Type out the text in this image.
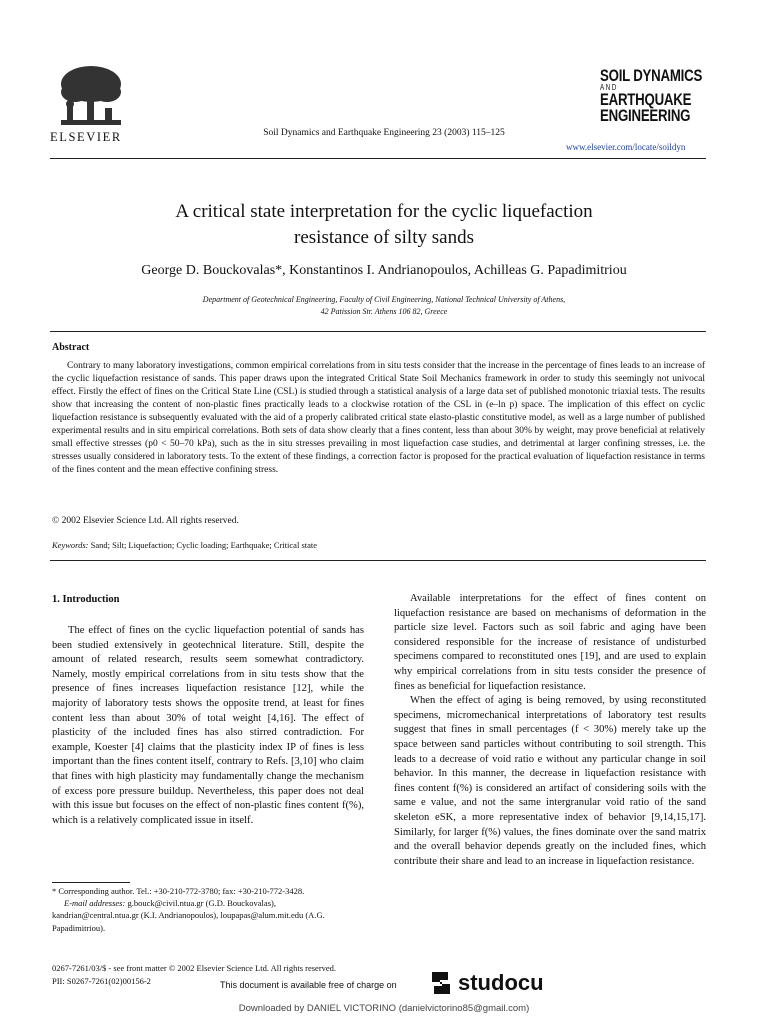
ELSEVIER	Soil Dynamics and Earthquake Engineering 23 (2003) 115–125
SOIL DYNAMICS
AND
EARTHQUAKE
ENGINEERING
www.elsevier.com/locate/soildyn
A critical state interpretation for the cyclic liquefaction
resistance of silty sands
George D. Bouckovalas*, Konstantinos I. Andrianopoulos, Achilleas G. Papadimitriou
Department of Geotechnical Engineering, Faculty of Civil Engineering, National Technical University of Athens,
42 Patission Str. Athens 106 82, Greece
Abstract
Contrary to many laboratory investigations, common empirical correlations from in situ tests consider that the increase in the percentage of fines leads to an increase of the cyclic liquefaction resistance of sands. This paper draws upon the integrated Critical State Soil Mechanics framework in order to study this seemingly not univocal effect. Firstly the effect of fines on the Critical State Line (CSL) is studied through a statistical analysis of a large data set of published monotonic triaxial tests. The results show that increasing the content of non-plastic fines practically leads to a clockwise rotation of the CSL in (e–ln p) space. The implication of this effect on cyclic liquefaction resistance is subsequently evaluated with the aid of a properly calibrated critical state elasto-plastic constitutive model, as well as a large number of published experimental results and in situ empirical correlations. Both sets of data show clearly that a fines content, less than about 30% by weight, may prove beneficial at relatively small effective stresses (p0 < 50–70 kPa), such as the in situ stresses prevailing in most liquefaction case studies, and detrimental at larger confining stresses, i.e. the stresses usually considered in laboratory tests. To the extent of these findings, a correction factor is proposed for the practical evaluation of liquefaction resistance in terms of the fines content and the mean effective confining stress.
© 2002 Elsevier Science Ltd. All rights reserved.
Keywords: Sand; Silt; Liquefaction; Cyclic loading; Earthquake; Critical state
1. Introduction

The effect of fines on the cyclic liquefaction potential of sands has been studied extensively in geotechnical literature. Still, despite the amount of related research, results seem somewhat contradictory. Namely, mostly empirical correlations from in situ tests show that the presence of fines increases liquefaction resistance [12], while the majority of laboratory tests shows the opposite trend, at least for fines content less than about 30% of total weight [4,16]. The effect of plasticity of the included fines has also stirred contradiction. For example, Koester [4] claims that the plasticity index IP of fines is less important than the fines content itself, contrary to Refs. [3,10] who claim that fines with high plasticity may fundamentally change the mechanism of excess pore pressure buildup. Nevertheless, this paper does not deal with this issue but focuses on the effect of non-plastic fines content f(%), which is a relatively complicated issue in itself.

Available interpretations for the effect of fines content on liquefaction resistance are based on mechanisms of deformation in the particle size level. Factors such as soil fabric and aging have been considered responsible for the increase of resistance of undisturbed specimens compared to reconstituted ones [19], and are used to explain why empirical correlations from in situ tests consider the presence of fines as beneficial for liquefaction resistance.

When the effect of aging is being removed, by using reconstituted specimens, micromechanical interpretations of laboratory test results suggest that fines in small percentages (f < 30%) merely take up the space between sand particles without contributing to soil strength. This leads to a decrease of void ratio e without any particular change in soil behavior. In this manner, the decrease in liquefaction resistance with fines content f(%) is considered an artifact of considering soils with the same e value, and not the same intergranular void ratio of the sand skeleton eSK, a more representative index of behavior [9,14,15,17]. Similarly, for larger f(%) values, the fines dominate over the sand matrix and the overall behavior depends greatly on the included fines, which contribute their share and lead to an increase in liquefaction resistance.

* Corresponding author. Tel.: +30-210-772-3780; fax: +30-210-772-3428.
E-mail addresses: g.bouck@civil.ntua.gr (G.D. Bouckovalas), kandrian@central.ntua.gr (K.I. Andrianopoulos), loupapas@alum.mit.edu (A.G. Papadimitriou).
0267-7261/03/$ - see front matter © 2002 Elsevier Science Ltd. All rights reserved.
PII: S0267-7261(02)00156-2	This document is available free of charge on	studocu
Downloaded by DANIEL VICTORINO (danielvictorino85@gmail.com)
